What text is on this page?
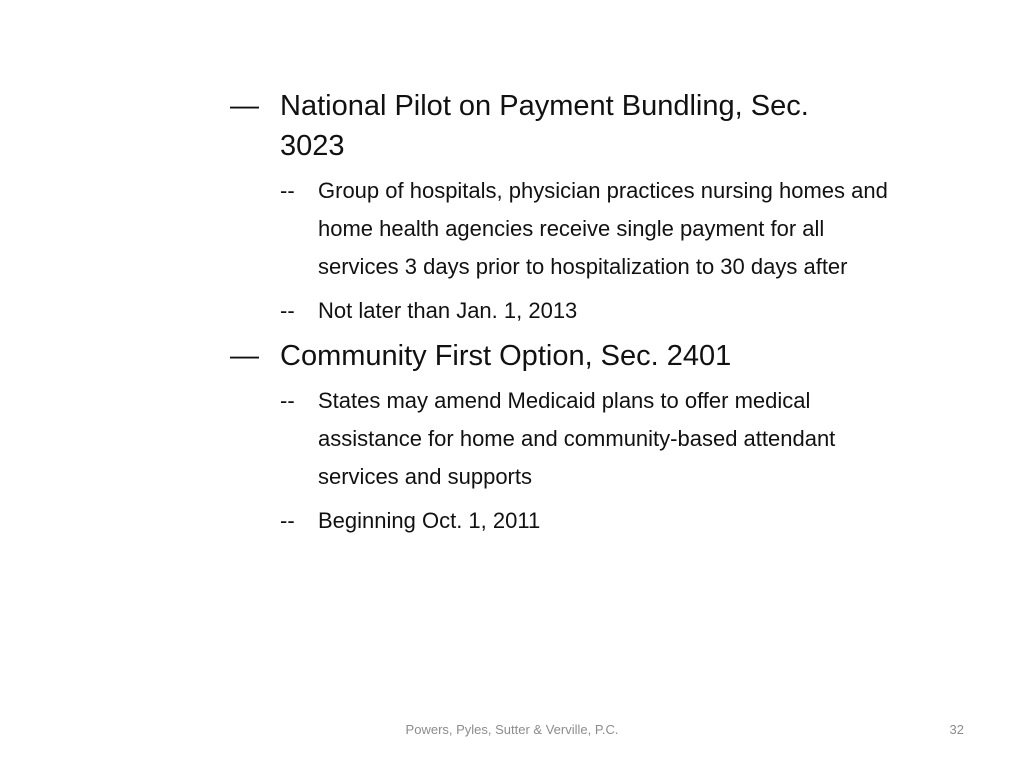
— National Pilot on Payment Bundling, Sec. 3023
--	Group of hospitals, physician practices nursing homes and home health agencies receive single payment for all services 3 days prior to hospitalization to 30 days after
--	Not later than Jan. 1, 2013
— Community First Option, Sec. 2401
--	States may amend Medicaid plans to offer medical assistance for home and community-based attendant services and supports
--	Beginning Oct. 1, 2011
Powers, Pyles, Sutter & Verville, P.C.	32
